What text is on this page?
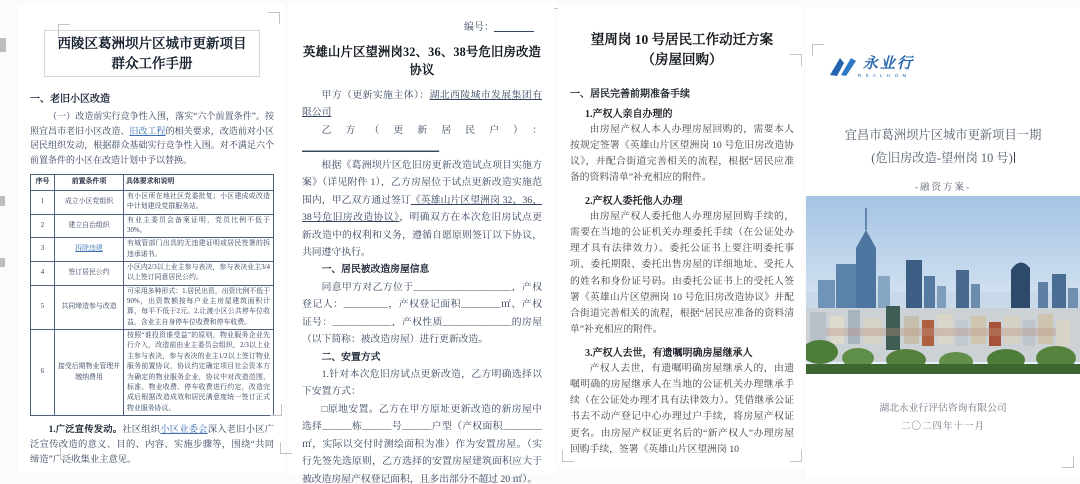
西陵区葛洲坝片区城市更新项目
群众工作手册
一、老旧小区改造
（一）改造前实行竞争性入围，落实“六个前置条件”。按照宜昌市老旧小区改造、旧改工程的相关要求，改造前对小区居民组织发动，根据群众基础实行竞争性入围。对不满足六个前置条件的小区在改造计划中予以替换。
序号	前置条件项	具体要求和说明
1	成立小区党组织	有小区所在地社区党委批复；小区建成或改造中计划建设党群服务站。
2	建立自治组织	有业主委员会备案证明，党员比例不低于30%。
3	拆除违建	有城管部门出具的无违建证明或居民签署的拆违承诺书。
4	签订居民公约	小区内2/3以上业主参与表决，参与表决业主3/4以上签订同意居民公约。
5	共同缔造参与改造	可采用多种形式：1.居民出资，出资比例不低于90%，出资数额按每户业主房屋建筑面积计算，每平不低于2元。2.让渡小区公共停车位收益，含业主自身停车位收费和停车收费。
6	接受后期物业管理并缴纳费用	按照“谁投资谁受益”的原则，物业服务企业先行介入，改造前由业主委员会组织，2/3以上业主参与表决，参与表决的业主1/2以上签订物业服务前置协议，协议约定确定项目社会资本方为确定的物业服务企业，协议中对改造范围、标准、物业收费、停车收费进行约定，改造完成后根据改造成效和居民满意度统一签订正式物业服务协议。
1.广泛宣传发动。社区组织小区业委会深入老旧小区广泛宣传改造的意义、目的、内容、实施步骤等，围绕“共同缔造”广泛收集业主意见。
编号：________
英雄山片区望洲岗32、36、38号危旧房改造协议
甲方（更新实施主体）：湖北西陵城市发展集团有限公司
乙方（更新居民户）：____________________________
根据《葛洲坝片区危旧房更新改造试点项目实施方案》（详见附件 1），乙方房屋位于试点更新改造实施范围内，甲乙双方通过签订《英雄山片区望洲岗 32、36、38号危旧房改造协议》，明确双方在本次危旧房试点更新改造中的权利和义务，遵循自愿原则签订以下协议，共同遵守执行。
一、居民被改造房屋信息
同意甲方对乙方位于____________________，产权登记人：_________，产权登记面积________㎡、产权证号：____________，产权性质______________的房屋（以下简称：被改造房屋）进行更新改造。
二、安置方式
1.针对本次危旧房试点更新改造，乙方明确选择以下安置方式：
□原地安置。乙方在甲方原址更新改造的新房屋中选择______栋______号______户型（产权面积________㎡，实际以交付时测绘面积为准）作为安置房屋。（实行先签先选原则，乙方选择的安置房屋建筑面积应大于被改造房屋产权登记面积，且多出部分不超过 20 ㎡）。
望周岗 10 号居民工作动迁方案
（房屋回购）
一、居民完善前期准备手续
1.产权人亲自办理的
由房屋产权人本人办理房屋回购的，需要本人按规定签署《英雄山片区望洲岗 10 号危旧房改造协议》，并配合街道完善相关的流程，根据“居民应准备的资料清单”补充相应的附件。
2.产权人委托他人办理
由房屋产权人委托他人办理房屋回购手续的，需要在当地的公证机关办理委托手续（在公证处办理才具有法律效力）。委托公证书上要注明委托事项、委托期限、委托出售房屋的详细地址、受托人的姓名和身份证号码。由委托公证书上的受托人签署《英雄山片区望洲岗 10 号危旧房改造协议》并配合街道完善相关的流程，根据“居民应准备的资料清单”补充相应的附件。
3.产权人去世，有遗嘱明确房屋继承人
产权人去世，有遗嘱明确房屋继承人的，由遗嘱明确的房屋继承人在当地的公证机关办理继承手续（在公证处办理才具有法律效力）。凭借继承公证书去不动产登记中心办理过户手续，将房屋产权证更名。由房屋产权证更名后的“新产权人”办理房屋回购手续，签署《英雄山片区望洲岗 10
永业行
R E A L H O M
宜昌市葛洲坝片区城市更新项目一期
(危旧房改造-望州岗 10 号)
-融资方案-
湖北永业行评估咨询有限公司
二〇二四年十一月
